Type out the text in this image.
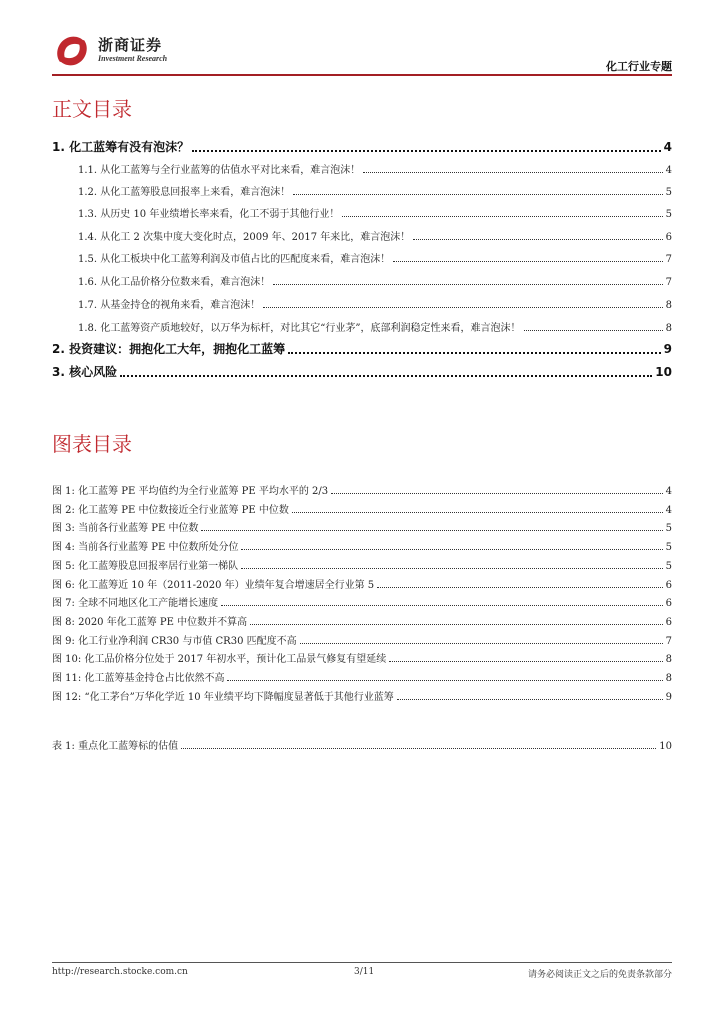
浙商证券
Investment Research
化工行业专题
正文目录
1. 化工蓝筹有没有泡沫？	4
1.1. 从化工蓝筹与全行业蓝筹的估值水平对比来看，难言泡沫！	4
1.2. 从化工蓝筹股息回报率上来看，难言泡沫！	5
1.3. 从历史 10 年业绩增长率来看，化工不弱于其他行业！	5
1.4. 从化工 2 次集中度大变化时点，2009 年、2017 年来比，难言泡沫！	6
1.5. 从化工板块中化工蓝筹利润及市值占比的匹配度来看，难言泡沫！	7
1.6. 从化工品价格分位数来看，难言泡沫！	7
1.7. 从基金持仓的视角来看，难言泡沫！	8
1.8. 化工蓝筹资产质地较好，以万华为标杆，对比其它“行业茅”，底部利润稳定性来看，难言泡沫！	8
2. 投资建议：拥抱化工大年，拥抱化工蓝筹	9
3. 核心风险	10
图表目录
图 1: 化工蓝筹 PE 平均值约为全行业蓝筹 PE 平均水平的 2/3	4
图 2: 化工蓝筹 PE 中位数接近全行业蓝筹 PE 中位数	4
图 3: 当前各行业蓝筹 PE 中位数	5
图 4: 当前各行业蓝筹 PE 中位数所处分位	5
图 5: 化工蓝筹股息回报率居行业第一梯队	5
图 6: 化工蓝筹近 10 年（2011-2020 年）业绩年复合增速居全行业第 5	6
图 7: 全球不同地区化工产能增长速度	6
图 8: 2020 年化工蓝筹 PE 中位数并不算高	6
图 9: 化工行业净利润 CR30 与市值 CR30 匹配度不高	7
图 10: 化工品价格分位处于 2017 年初水平，预计化工品景气修复有望延续	8
图 11: 化工蓝筹基金持仓占比依然不高	8
图 12: “化工茅台”万华化学近 10 年业绩平均下降幅度显著低于其他行业蓝筹	9
表 1: 重点化工蓝筹标的估值	10
http://research.stocke.com.cn	3/11	请务必阅读正文之后的免责条款部分
